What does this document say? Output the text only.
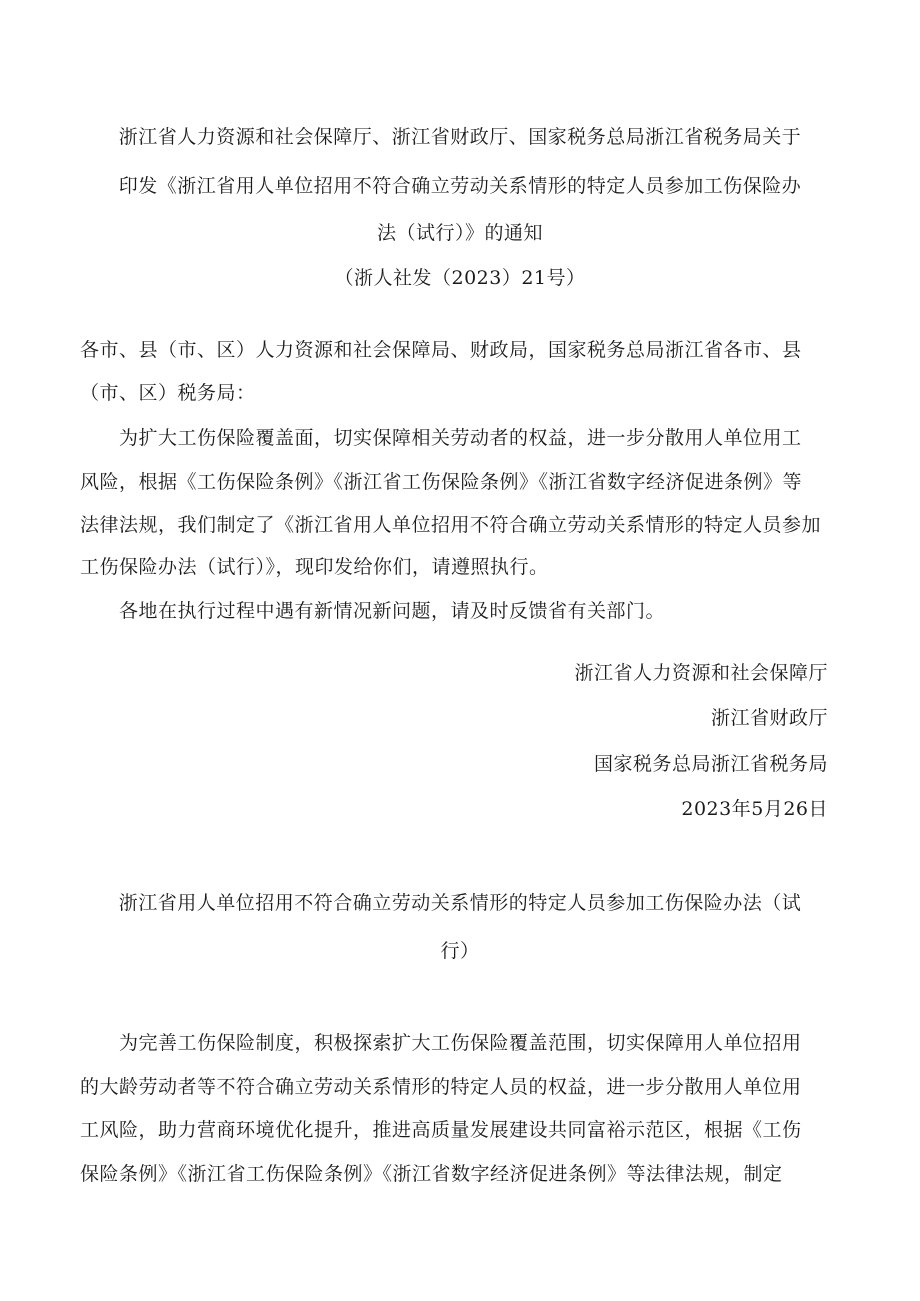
浙江省人力资源和社会保障厅、浙江省财政厅、国家税务总局浙江省税务局关于
印发《浙江省用人单位招用不符合确立劳动关系情形的特定人员参加工伤保险办
法（试行）》的通知
（浙人社发（2023）21号）
各市、县（市、区）人力资源和社会保障局、财政局，国家税务总局浙江省各市、县
（市、区）税务局：
为扩大工伤保险覆盖面，切实保障相关劳动者的权益，进一步分散用人单位用工
风险，根据《工伤保险条例》《浙江省工伤保险条例》《浙江省数字经济促进条例》等
法律法规，我们制定了《浙江省用人单位招用不符合确立劳动关系情形的特定人员参加
工伤保险办法（试行）》，现印发给你们，请遵照执行。
各地在执行过程中遇有新情况新问题，请及时反馈省有关部门。
浙江省人力资源和社会保障厅
浙江省财政厅
国家税务总局浙江省税务局
2023年5月26日
浙江省用人单位招用不符合确立劳动关系情形的特定人员参加工伤保险办法（试
行）
为完善工伤保险制度，积极探索扩大工伤保险覆盖范围，切实保障用人单位招用
的大龄劳动者等不符合确立劳动关系情形的特定人员的权益，进一步分散用人单位用
工风险，助力营商环境优化提升，推进高质量发展建设共同富裕示范区，根据《工伤
保险条例》《浙江省工伤保险条例》《浙江省数字经济促进条例》等法律法规，制定
